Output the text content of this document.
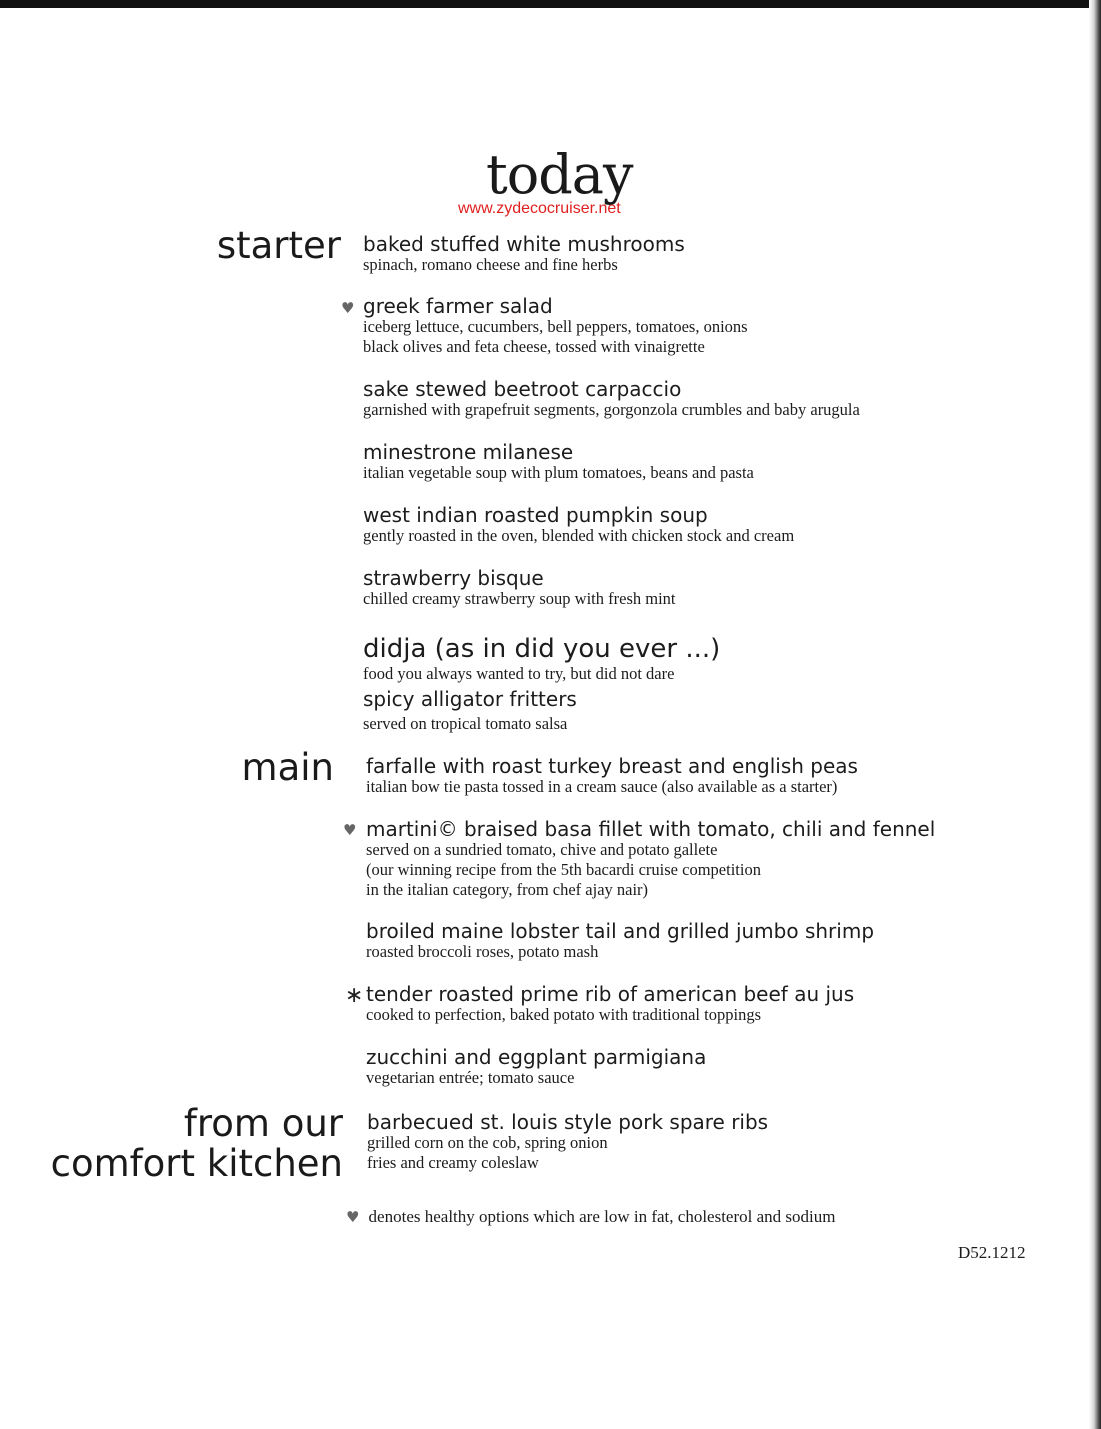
today
www.zydecocruiser.net
starter
main
from our
comfort kitchen
baked stuffed white mushrooms
spinach, romano cheese and fine herbs
♥ greek farmer salad
iceberg lettuce, cucumbers, bell peppers, tomatoes, onions
black olives and feta cheese, tossed with vinaigrette
sake stewed beetroot carpaccio
garnished with grapefruit segments, gorgonzola crumbles and baby arugula
minestrone milanese
italian vegetable soup with plum tomatoes, beans and pasta
west indian roasted pumpkin soup
gently roasted in the oven, blended with chicken stock and cream
strawberry bisque
chilled creamy strawberry soup with fresh mint
didja (as in did you ever ...)
food you always wanted to try, but did not dare
spicy alligator fritters
served on tropical tomato salsa
farfalle with roast turkey breast and english peas
italian bow tie pasta tossed in a cream sauce (also available as a starter)
♥ martini© braised basa fillet with tomato, chili and fennel
served on a sundried tomato, chive and potato gallete
(our winning recipe from the 5th bacardi cruise competition
in the italian category, from chef ajay nair)
broiled maine lobster tail and grilled jumbo shrimp
roasted broccoli roses, potato mash
∗ tender roasted prime rib of american beef au jus
cooked to perfection, baked potato with traditional toppings
zucchini and eggplant parmigiana
vegetarian entrée; tomato sauce
barbecued st. louis style pork spare ribs
grilled corn on the cob, spring onion
fries and creamy coleslaw
♥ denotes healthy options which are low in fat, cholesterol and sodium
D52.1212
